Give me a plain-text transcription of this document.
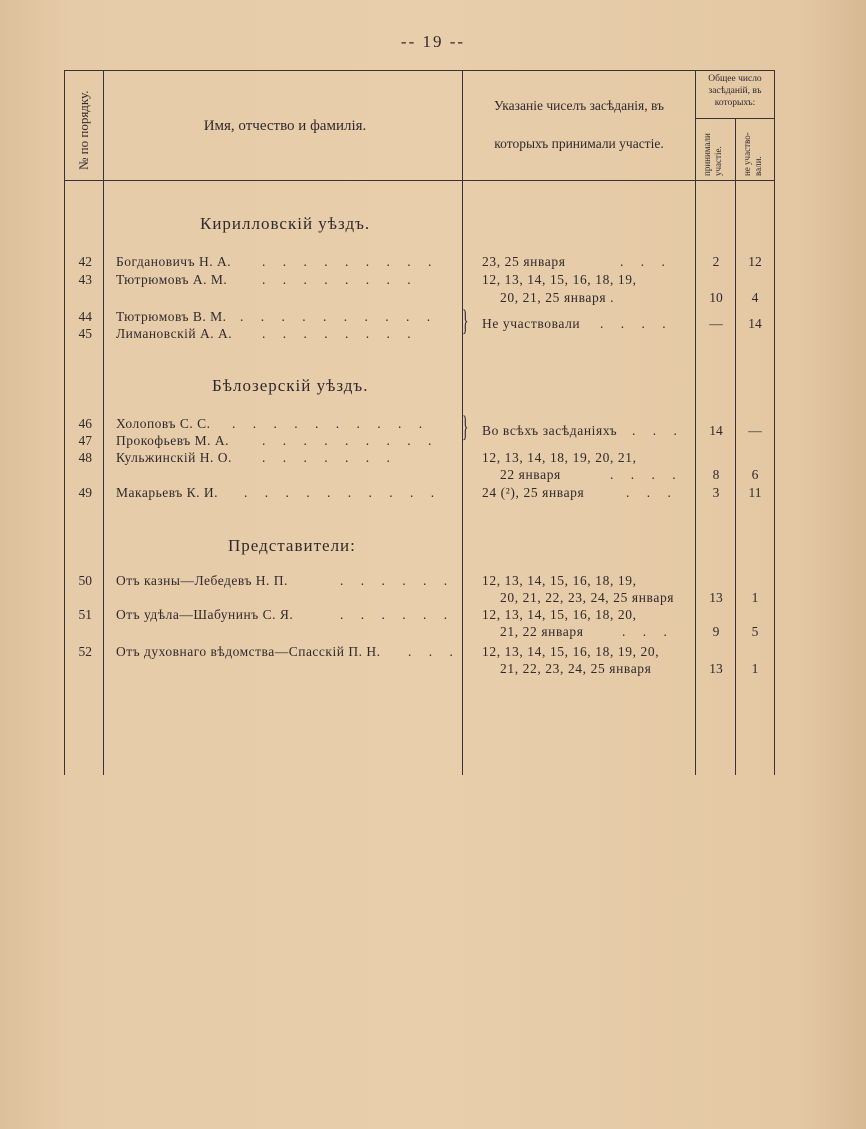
-- 19 --
№ по порядку.	Имя, отчество и фамилія.
Указаніе чиселъ засѣданія, въ
которыхъ принимали участіе.
Общее число
засѣданій, въ
которыхъ:
принимали участіе. не участво- вали.
Кирилловскій уѣздъ.
42 Богдановичъ Н. А. . . . . . . . . .	23, 25 января	. . .	2	12
43 Тютрюмовъ А. М.	. . . . . . . .	12, 13, 14, 15, 16, 18, 19,
20, 21, 25 января .	10	4
44 Тютрюмовъ В. М. . . . . . . . . . .
45 Лимановскій А. А. . . . . . . . . } Не участвовали . . . .	—	14
Бѣлозерскій уѣздъ.
46 Холоповъ С. С. . . . . . . . . . .
47 Прокофьевъ М. А. . . . . . . . . . } Во всѣхъ засѣданіяхъ . . .	14	—
48 Кульжинскій Н. О. . . . . . . .	12, 13, 14, 18, 19, 20, 21,
22 января	. . . .	8	6
49 Макарьевъ К. И. . . . . . . . . . .	24 (²), 25 января	. . .	3	11
Представители:
50 Отъ казны—Лебедевъ Н. П.	. . . . . . 12, 13, 14, 15, 16, 18, 19,
20, 21, 22, 23, 24, 25 января	13	1
51 Отъ удѣла—Шабунинъ С. Я.	. . . . . . 12, 13, 14, 15, 16, 18, 20,
21, 22 января	. . .	9	5
52 Отъ духовнаго вѣдомства—Спасскій П. Н. . . . 12, 13, 14, 15, 16, 18, 19, 20,
21, 22, 23, 24, 25 января	13	1
